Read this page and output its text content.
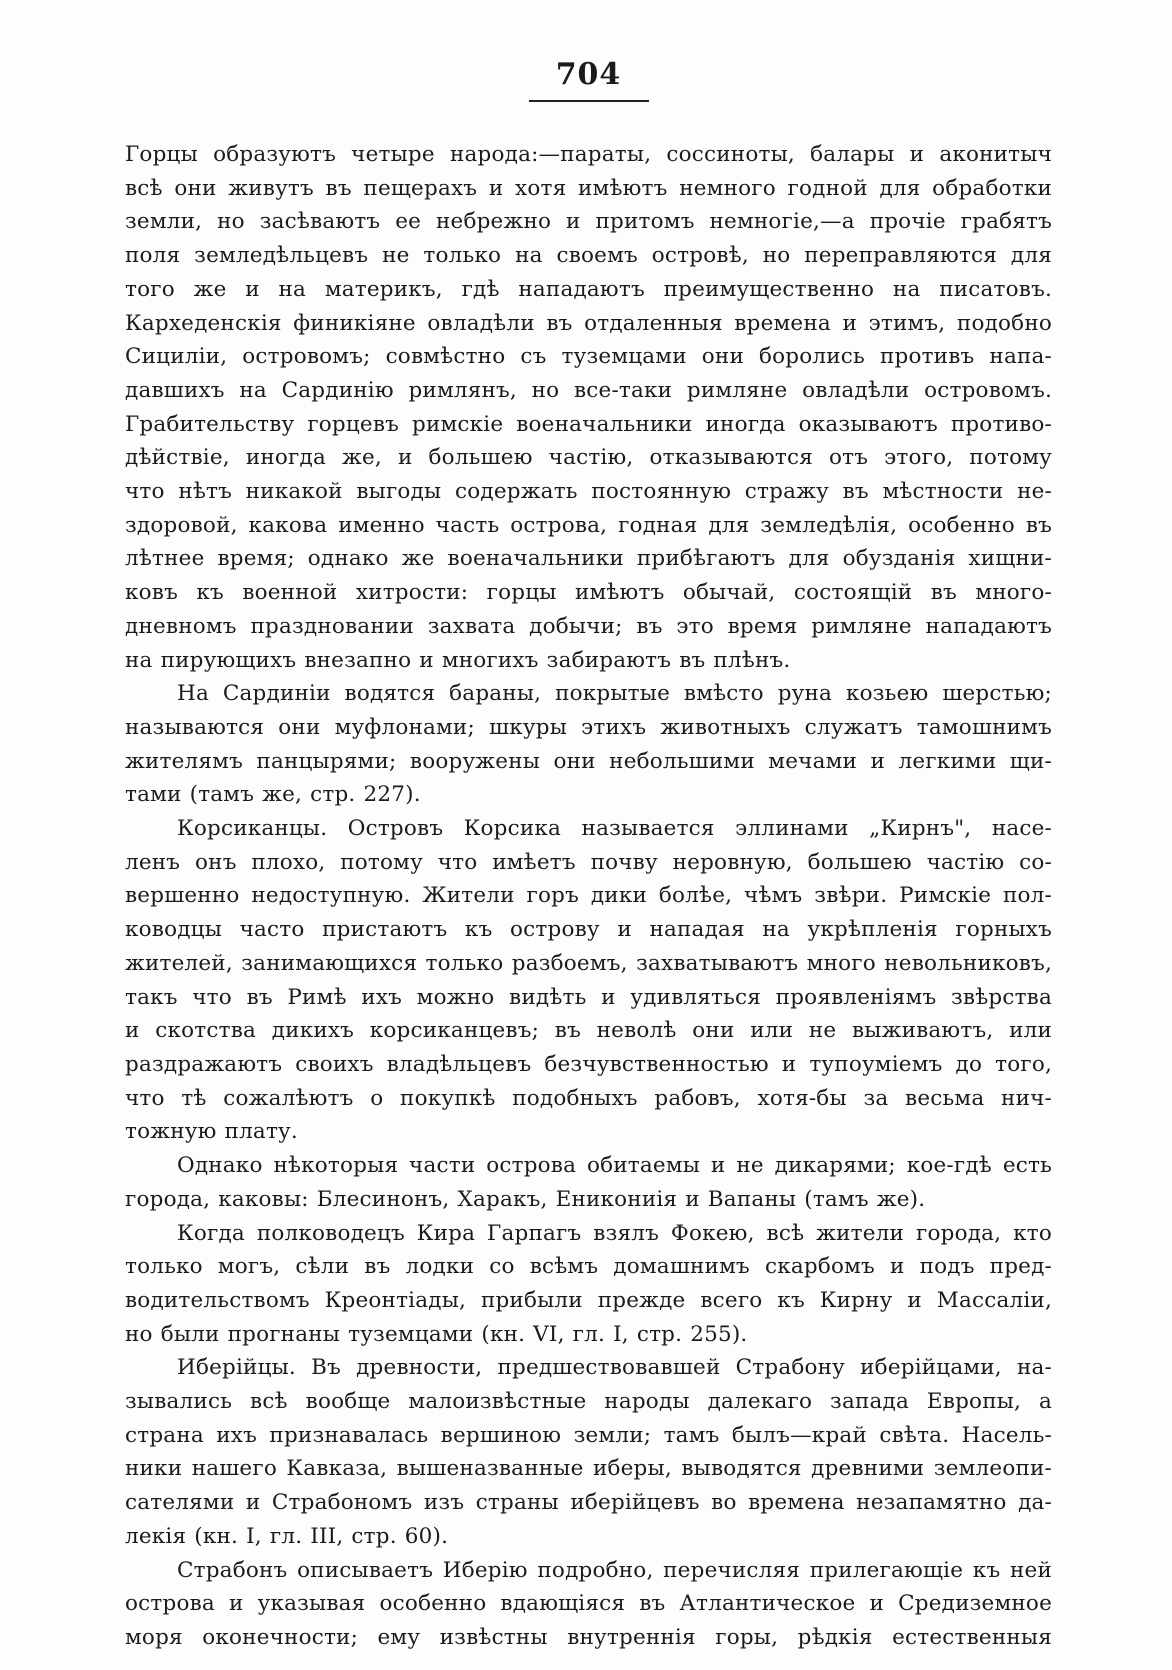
704
Горцы образуютъ четыре народа:—параты, соссиноты, балары и аконитыч
всѣ они живутъ въ пещерахъ и хотя имѣютъ немного годной для обработки
земли, но засѣваютъ ее небрежно и притомъ немногіе,—а прочіе грабятъ
поля земледѣльцевъ не только на своемъ островѣ, но переправляются для
того же и на материкъ, гдѣ нападаютъ преимущественно на писатовъ.
Кархеденскія финикіяне овладѣли въ отдаленныя времена и этимъ, подобно
Сициліи, островомъ; совмѣстно съ туземцами они боролись противъ напа-
давшихъ на Сардинію римлянъ, но все-таки римляне овладѣли островомъ.
Грабительству горцевъ римскіе военачальники иногда оказываютъ противо-
дѣйствіе, иногда же, и большею частію, отказываются отъ этого, потому
что нѣтъ никакой выгоды содержать постоянную стражу въ мѣстности не-
здоровой, какова именно часть острова, годная для земледѣлія, особенно въ
лѣтнее время; однако же военачальники прибѣгаютъ для обузданія хищни-
ковъ къ военной хитрости: горцы имѣютъ обычай, состоящій въ много-
дневномъ праздновании захвата добычи; въ это время римляне нападаютъ
на пирующихъ внезапно и многихъ забираютъ въ плѣнъ.
На Сардиніи водятся бараны, покрытые вмѣсто руна козьею шерстью;
называются они муфлонами; шкуры этихъ животныхъ служатъ тамошнимъ
жителямъ панцырями; вооружены они небольшими мечами и легкими щи-
тами (тамъ же, стр. 227).
Корсиканцы. Островъ Корсика называется эллинами „Кирнъ", насе-
ленъ онъ плохо, потому что имѣетъ почву неровную, большею частію со-
вершенно недоступную. Жители горъ дики болѣе, чѣмъ звѣри. Римскіе пол-
ководцы часто пристаютъ къ острову и нападая на укрѣпленія горныхъ
жителей, занимающихся только разбоемъ, захватываютъ много невольниковъ,
такъ что въ Римѣ ихъ можно видѣть и удивляться проявленіямъ звѣрства
и скотства дикихъ корсиканцевъ; въ неволѣ они или не выживаютъ, или
раздражаютъ своихъ владѣльцевъ безчувственностью и тупоуміемъ до того,
что тѣ сожалѣютъ о покупкѣ подобныхъ рабовъ, хотя-бы за весьма нич-
тожную плату.
Однако нѣкоторыя части острова обитаемы и не дикарями; кое-гдѣ есть
города, каковы: Блесинонъ, Харакъ, Еникониія и Вапаны (тамъ же).
Когда полководецъ Кира Гарпагъ взялъ Фокею, всѣ жители города, кто
только могъ, сѣли въ лодки со всѣмъ домашнимъ скарбомъ и подъ пред-
водительствомъ Креонтіады, прибыли прежде всего къ Кирну и Массаліи,
но были прогнаны туземцами (кн. VI, гл. I, стр. 255).
Иберійцы. Въ древности, предшествовавшей Страбону иберійцами, на-
зывались всѣ вообще малоизвѣстные народы далекаго запада Европы, а
страна ихъ признавалась вершиною земли; тамъ былъ—край свѣта. Насель-
ники нашего Кавказа, вышеназванные иберы, выводятся древними землеопи-
сателями и Страбономъ изъ страны иберійцевъ во времена незапамятно да-
лекія (кн. I, гл. III, стр. 60).
Страбонъ описываетъ Иберію подробно, перечисляя прилегающіе къ ней
острова и указывая особенно вдающіяся въ Атлантическое и Средиземное
моря оконечности; ему извѣстны внутреннія горы, рѣдкія естественныя
